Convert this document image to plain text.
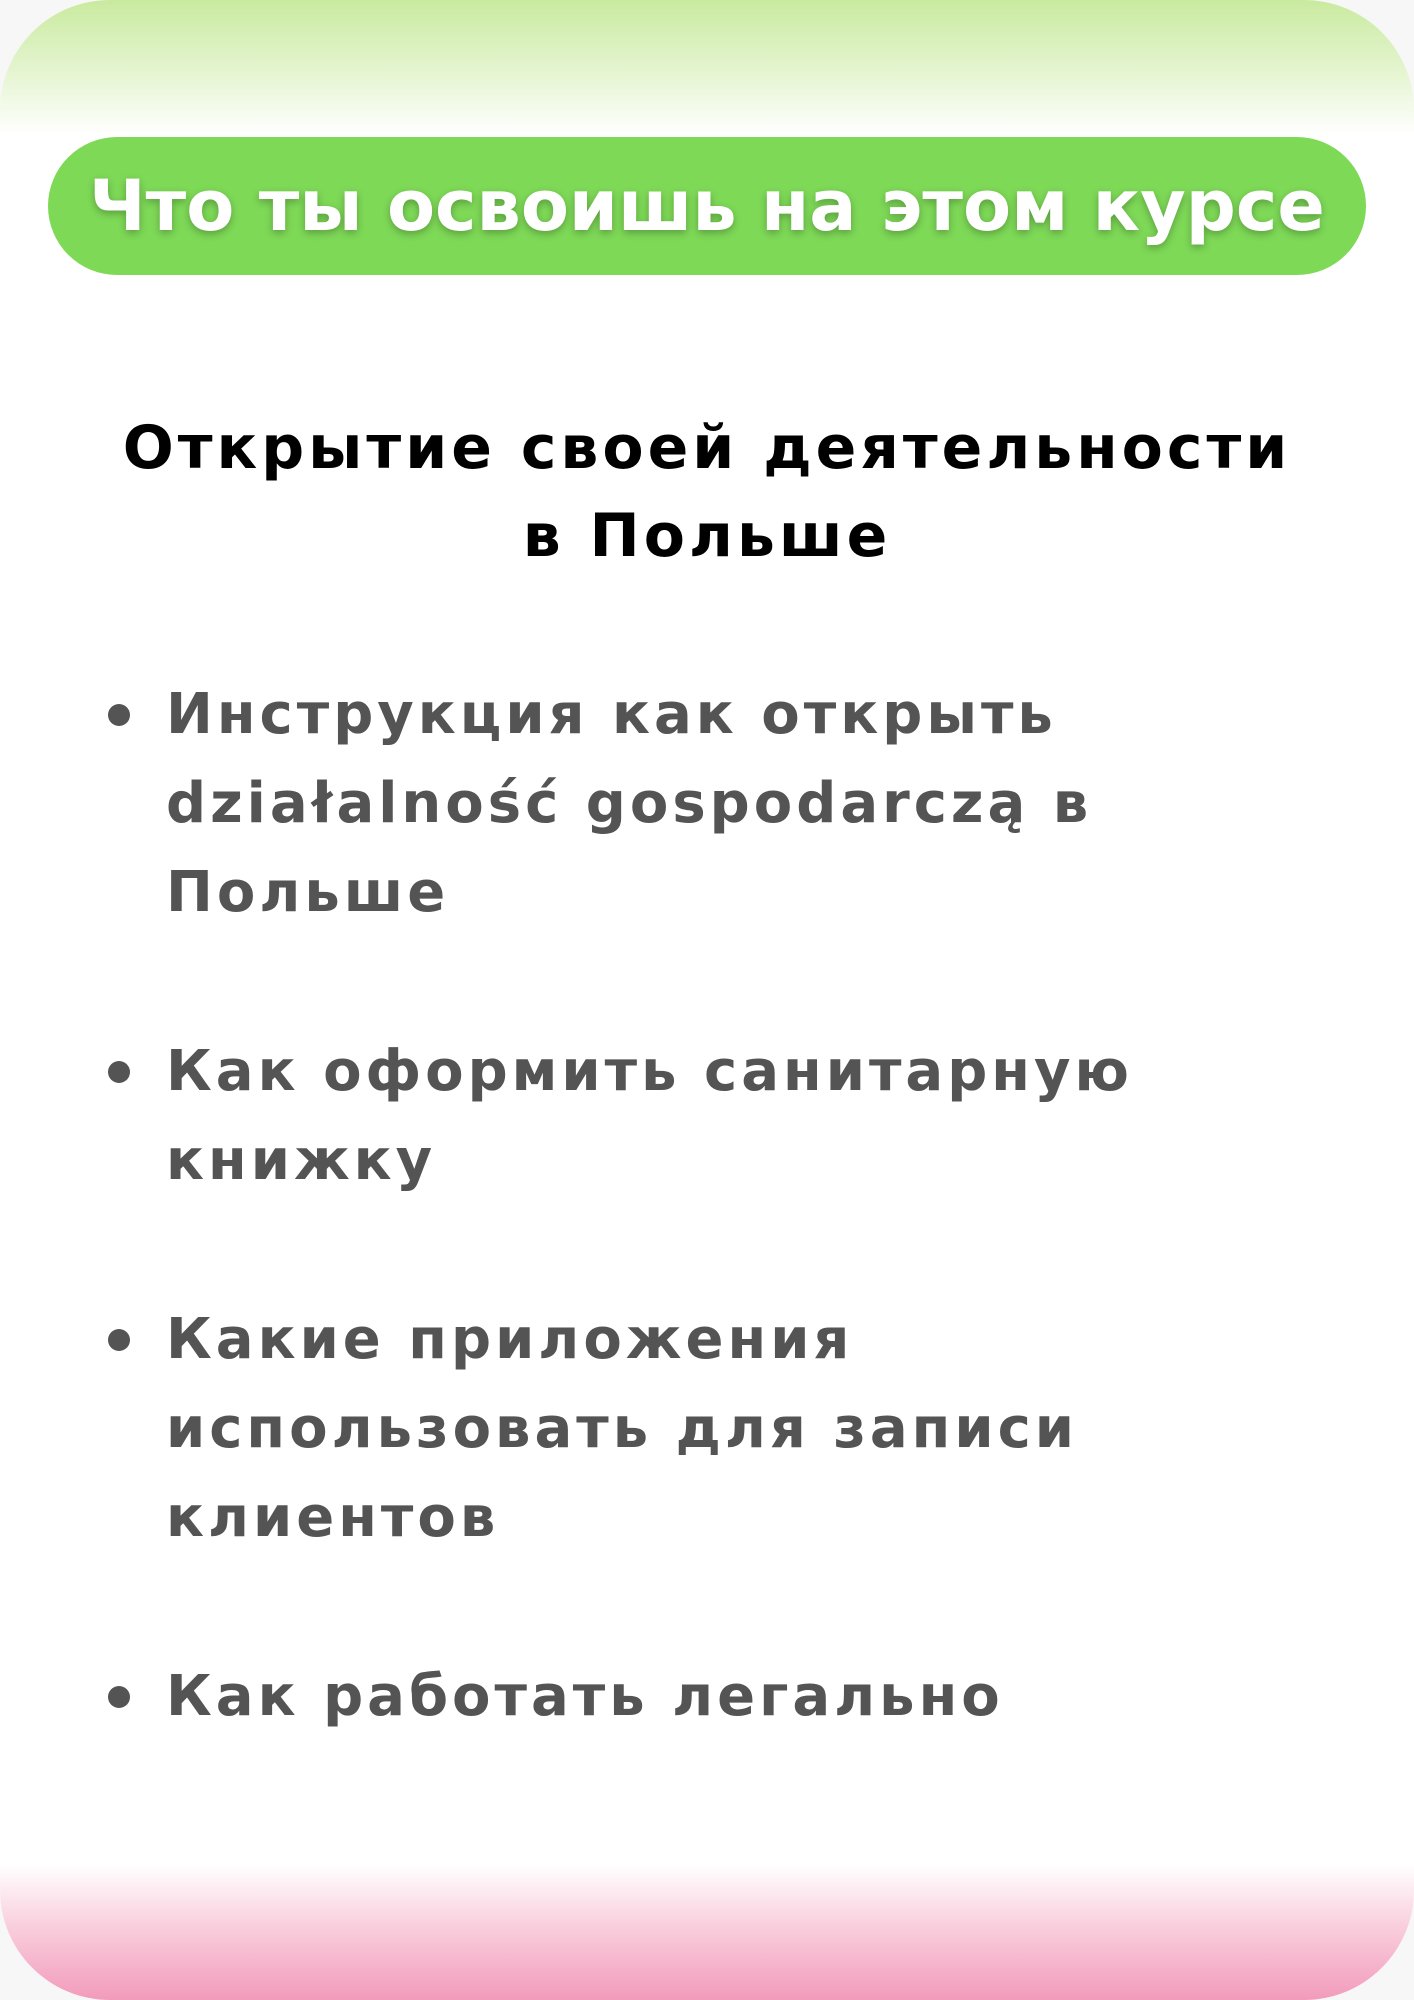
Что ты освоишь на этом курсе
Открытие своей деятельности
в Польше
Инструкция как открыть działalność gospodarczą в Польше
Как оформить санитарную книжку
Какие приложения использовать для записи клиентов
Как работать легально
